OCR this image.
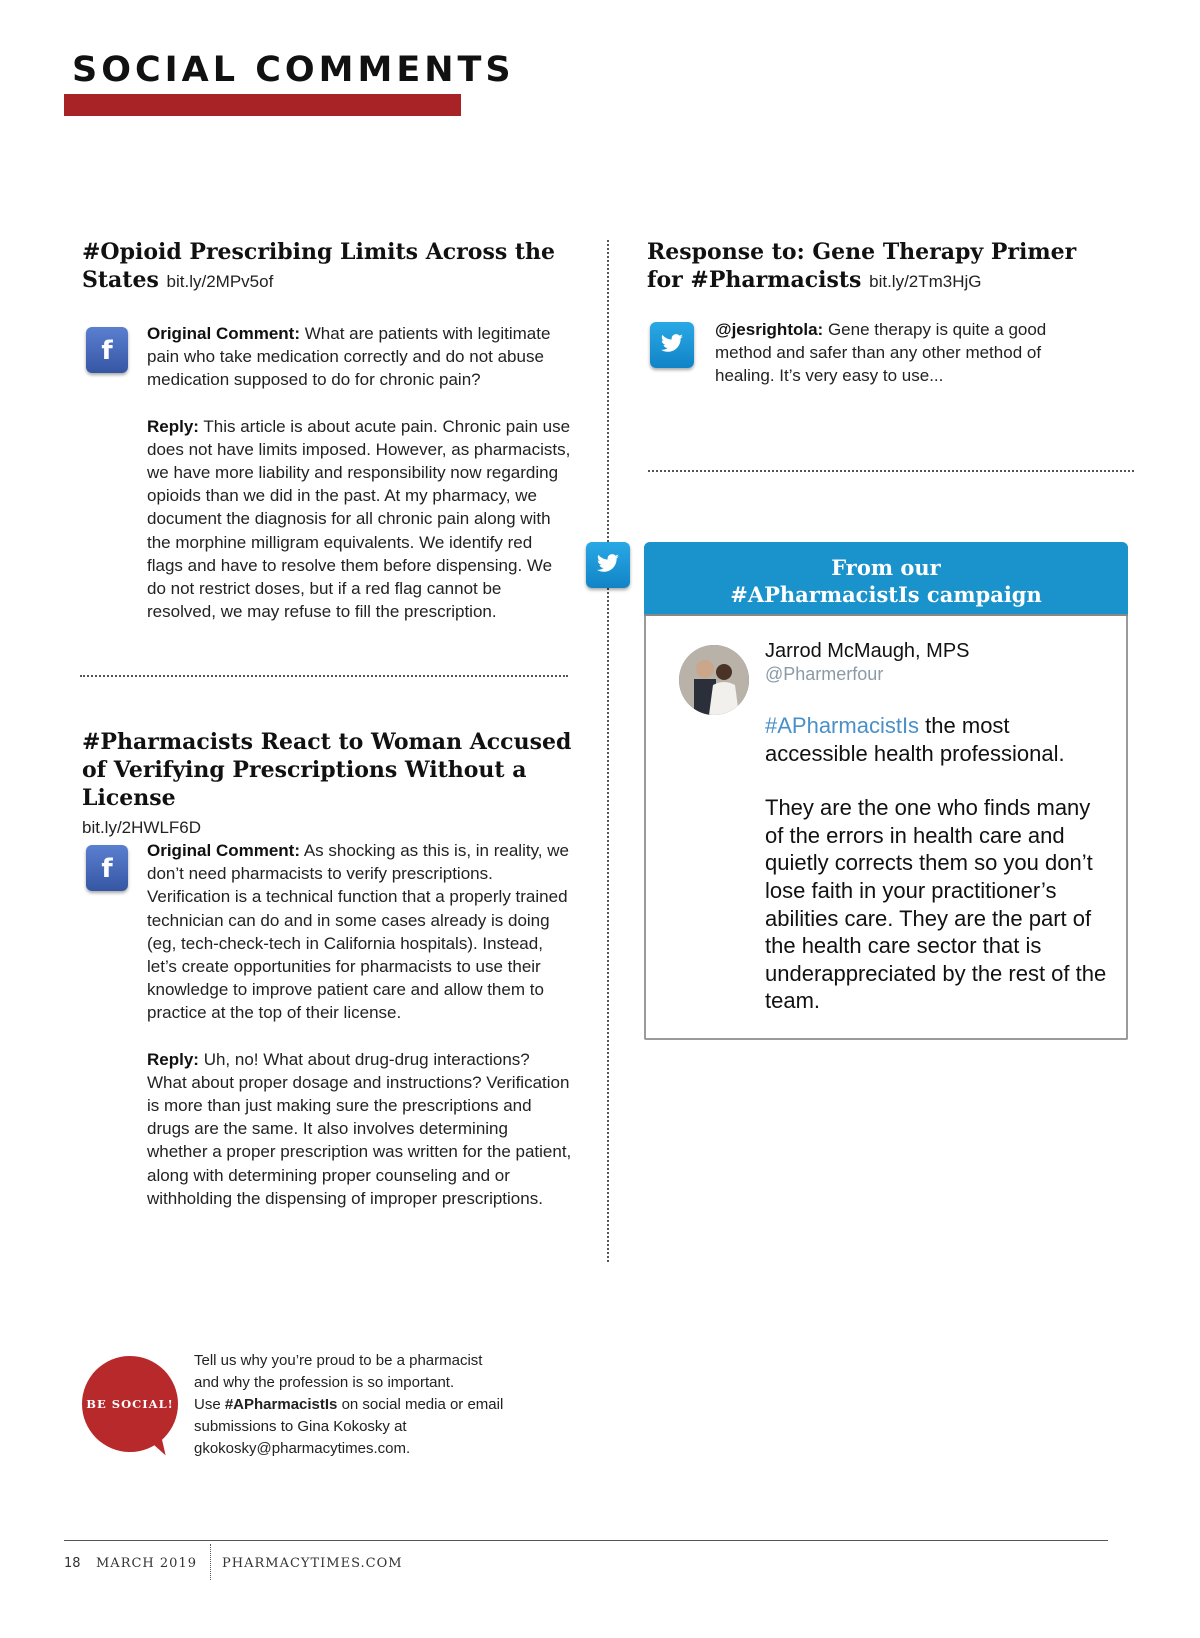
SOCIAL COMMENTS

#Opioid Prescribing Limits Across the States bit.ly/2MPv5of

f

Original Comment: What are patients with legitimate pain who take medication correctly and do not abuse medication supposed to do for chronic pain?

Reply: This article is about acute pain. Chronic pain use does not have limits imposed. However, as pharmacists, we have more liability and responsibility now regarding opioids than we did in the past. At my pharmacy, we document the diagnosis for all chronic pain along with the morphine milligram equivalents. We identify red flags and have to resolve them before dispensing. We do not restrict doses, but if a red flag cannot be resolved, we may refuse to fill the prescription.

#Pharmacists React to Woman Accused of Verifying Prescriptions Without a License

bit.ly/2HWLF6D
f

Original Comment: As shocking as this is, in reality, we don’t need pharmacists to verify prescriptions. Verification is a technical function that a properly trained technician can do and in some cases already is doing (eg, tech-check-tech in California hospitals). Instead, let’s create opportunities for pharmacists to use their knowledge to improve patient care and allow them to practice at the top of their license.

Reply: Uh, no! What about drug-drug interactions? What about proper dosage and instructions? Verification is more than just making sure the prescriptions and drugs are the same. It also involves determining whether a proper prescription was written for the patient, along with determining proper counseling and or withholding the dispensing of improper prescriptions.

Response to: Gene Therapy Primer for #Pharmacists bit.ly/2Tm3HjG

@jesrightola: Gene therapy is quite a good method and safer than any other method of healing. It’s very easy to use...

From our
#APharmacistIs campaign
Jarrod McMaugh, MPS
@Pharmerfour

#APharmacistIs the most accessible health professional.

They are the one who finds many of the errors in health care and quietly corrects them so you don’t lose faith in your practitioner’s abilities care. They are the part of the health care sector that is underappreciated by the rest of the team.

BE SOCIAL!

Tell us why you’re proud to be a pharmacist and why the profession is so important.

Use #APharmacistIs on social media or email submissions to Gina Kokosky at gkokosky@pharmacytimes.com.

18 MARCH 2019 PHARMACYTIMES.COM
